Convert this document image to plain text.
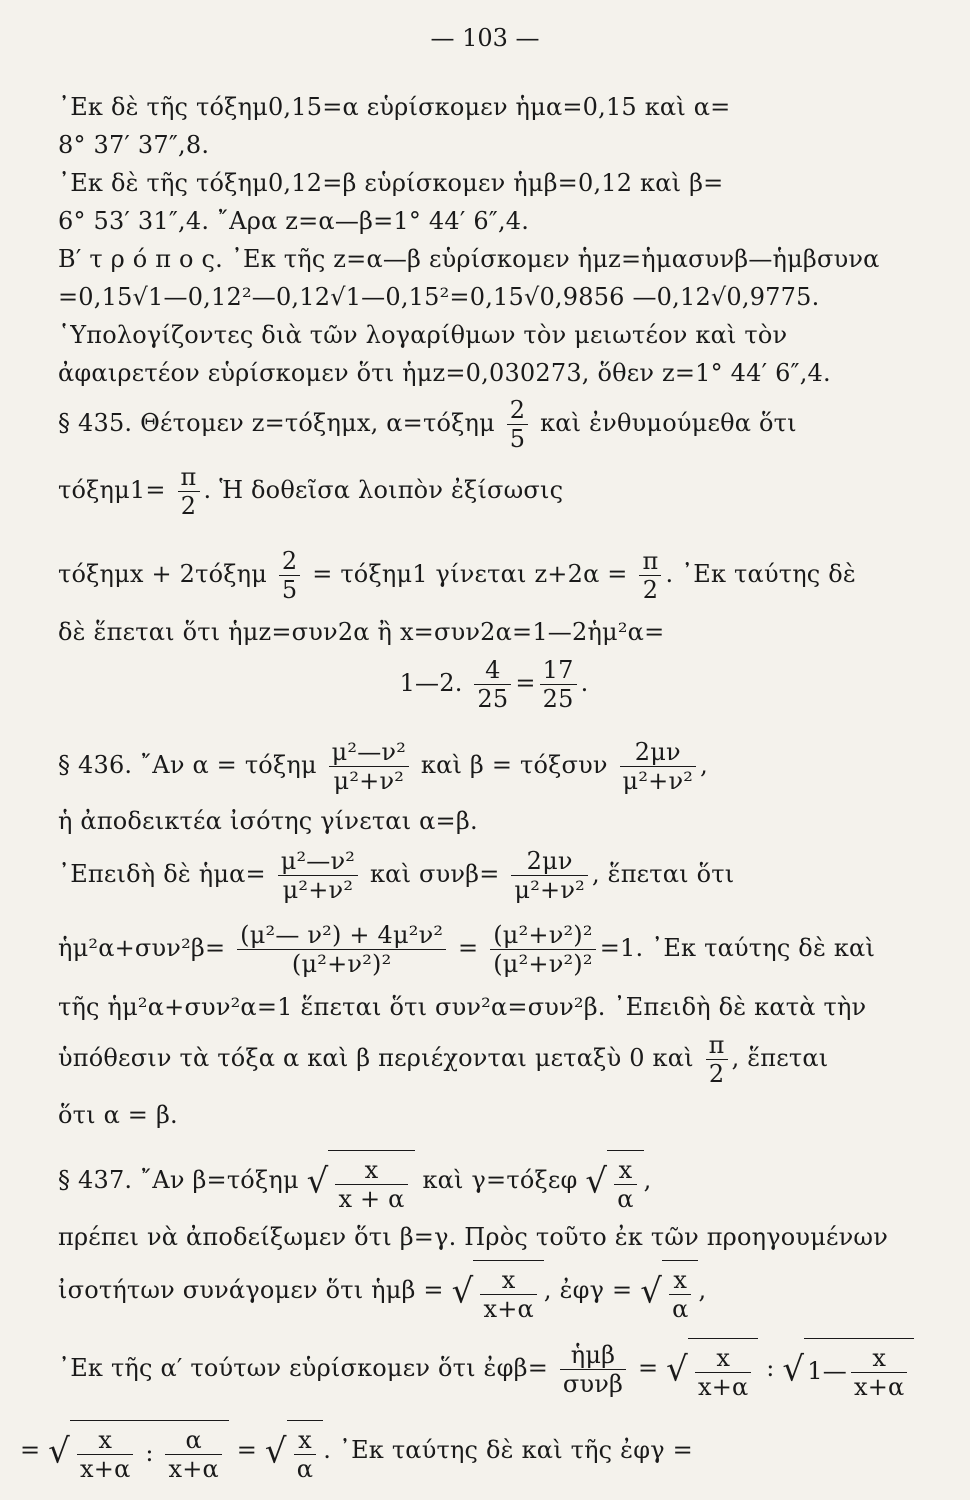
— 103 —
᾽Εκ δὲ τῆς τόξημ0,15=α εὑρίσκομεν ἡμα=0,15 καὶ α=
8° 37′ 37″,8.
᾽Εκ δὲ τῆς τόξημ0,12=β εὑρίσκομεν ἡμβ=0,12 καὶ β=
6° 53′ 31″,4. ῎Αρα z=α—β=1° 44′ 6″,4.
Β′ τ ρ ό π ο ς. ᾽Εκ τῆς z=α—β εὑρίσκομεν ἡμz=ἡμασυνβ—ἡμβσυνα
=0,15√1—0,12²—0,12√1—0,15²=0,15√0,9856 —0,12√0,9775.
῾Υπολογίζοντες διὰ τῶν λογαρίθμων τὸν μειωτέον καὶ τὸν
ἀφαιρετέον εὑρίσκομεν ὅτι ἡμz=0,030273, ὅθεν z=1° 44′ 6″,4.
§ 435. Θέτομεν z=τόξημx, $\alpha=\tau ό\xi\eta\mu \frac{2}{5}$ καὶ ἐνθυμούμεθα ὅτι
$\tau ό\xi\eta\mu 1= \frac{\pi}{2}$ . Ἡ δοθεῖσα λοιπὸν ἐξίσωσις
$\tau ό\xi\eta\mu x + 2\tau ό\xi\eta\mu \frac{2}{5} = \tau ό\xi\eta\mu 1$ γίνεται $z+2\alpha = \frac{\pi}{2}$ . ᾽Εκ ταύτης δὲ
δὲ ἕπεται ὅτι ἡμz=συν2α ἢ x=συν2α=1—2ἡμ²α=
1—2. $\frac{4}{25} = \frac{17}{25}$ .
§ 436. ῎Αν α = τόξημ $\frac{\text{μ²—ν²}}{\text{μ²+ν²}}$ καὶ β = τόξσυν $\frac{2\mu\nu}{\text{μ²+ν²}}$ ,
ἡ ἀποδεικτέα ἰσότης γίνεται α=β.
᾽Επειδὴ δὲ ἡμα= $\frac{\text{μ²—ν²}}{\text{μ²+ν²}}$ καὶ $\sigma\upsilon\nu\beta= \frac{2\mu\nu}{\text{μ²+ν²}}$ , ἕπεται ὅτι
ἡμ²α+συν²β= $\frac{\text{(μ²— ν²) + 4μ²ν²}}{\text{(μ²+ν²)²}} = \frac{\text{(μ²+ν²)²}}{\text{(μ²+ν²)²}} =1$. ᾽Εκ ταύτης δὲ καὶ
τῆς ἡμ²α+συν²α=1 ἕπεται ὅτι συν²α=συν²β. ᾽Επειδὴ δὲ κατὰ τὴν
ὑπόθεσιν τὰ τόξα α καὶ β περιέχονται μεταξὺ 0 καὶ $\frac{\pi}{2}$ , ἕπεται
ὅτι α = β.
§ 437. ῎Αν β=τόξημ √ $\frac{x}{x + \alpha}$ καὶ γ=τόξεφ √ $\frac{x}{\alpha}$ ,
πρέπει νὰ ἀποδείξωμεν ὅτι β=γ. Πρὸς τοῦτο ἐκ τῶν προηγουμένων
ἰσοτήτων συνάγομεν ὅτι ἡμβ = √ $\frac{x}{x+\alpha}$ , ἐφγ = √ $\frac{x}{\alpha}$ ,
᾽Εκ τῆς α′ τούτων εὑρίσκομεν ὅτι ἐφβ= $\frac{\text{ἡμβ}}{\text{συνβ}}$ = √ $\frac{x}{x+\alpha}$ : √ 1— $\frac{x}{x+\alpha}$
= √ $\frac{x}{x+\alpha}$ : $\frac{\alpha}{x+\alpha}$ = √ $\frac{x}{\alpha}$ . ᾽Εκ ταύτης δὲ καὶ τῆς ἐφγ =
